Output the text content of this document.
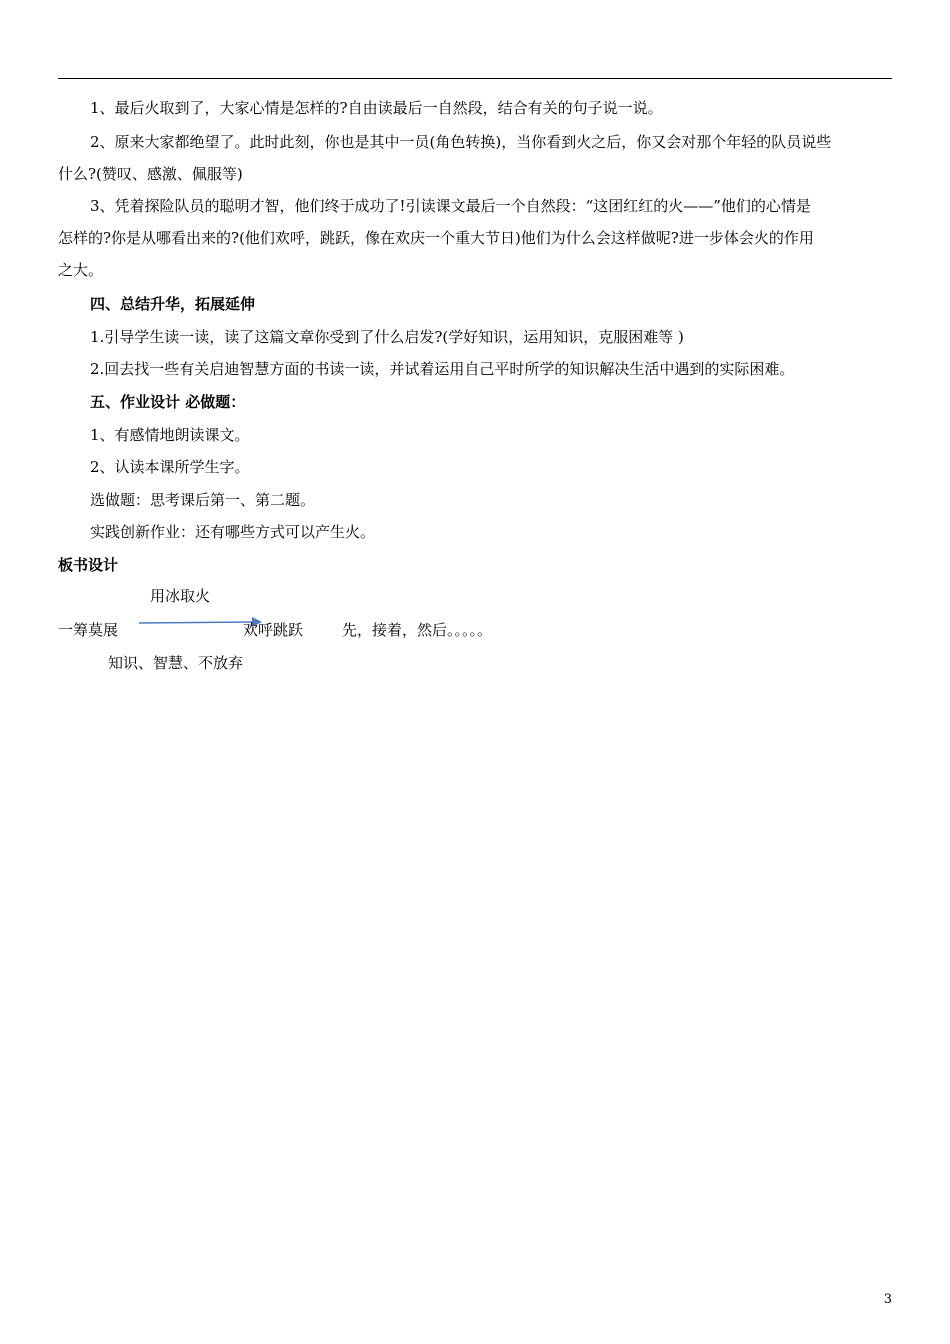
1、最后火取到了，大家心情是怎样的?自由读最后一自然段，结合有关的句子说一说。
2、原来大家都绝望了。此时此刻，你也是其中一员(角色转换)，当你看到火之后，你又会对那个年轻的队员说些
什么?(赞叹、感激、佩服等)
3、凭着探险队员的聪明才智，他们终于成功了!引读课文最后一个自然段：“这团红红的火——”他们的心情是
怎样的?你是从哪看出来的?(他们欢呼，跳跃，像在欢庆一个重大节日)他们为什么会这样做呢?进一步体会火的作用
之大。
四、总结升华，拓展延伸
1.引导学生读一读，读了这篇文章你受到了什么启发?(学好知识，运用知识，克服困难等 )
2.回去找一些有关启迪智慧方面的书读一读，并试着运用自己平时所学的知识解决生活中遇到的实际困难。
五、作业设计 必做题：
1、有感情地朗读课文。
2、认读本课所学生字。
选做题：思考课后第一、第二题。
实践创新作业：还有哪些方式可以产生火。
板书设计
用冰取火
一筹莫展	欢呼跳跃	先，接着，然后。。。。。
知识、智慧、不放弃
3
